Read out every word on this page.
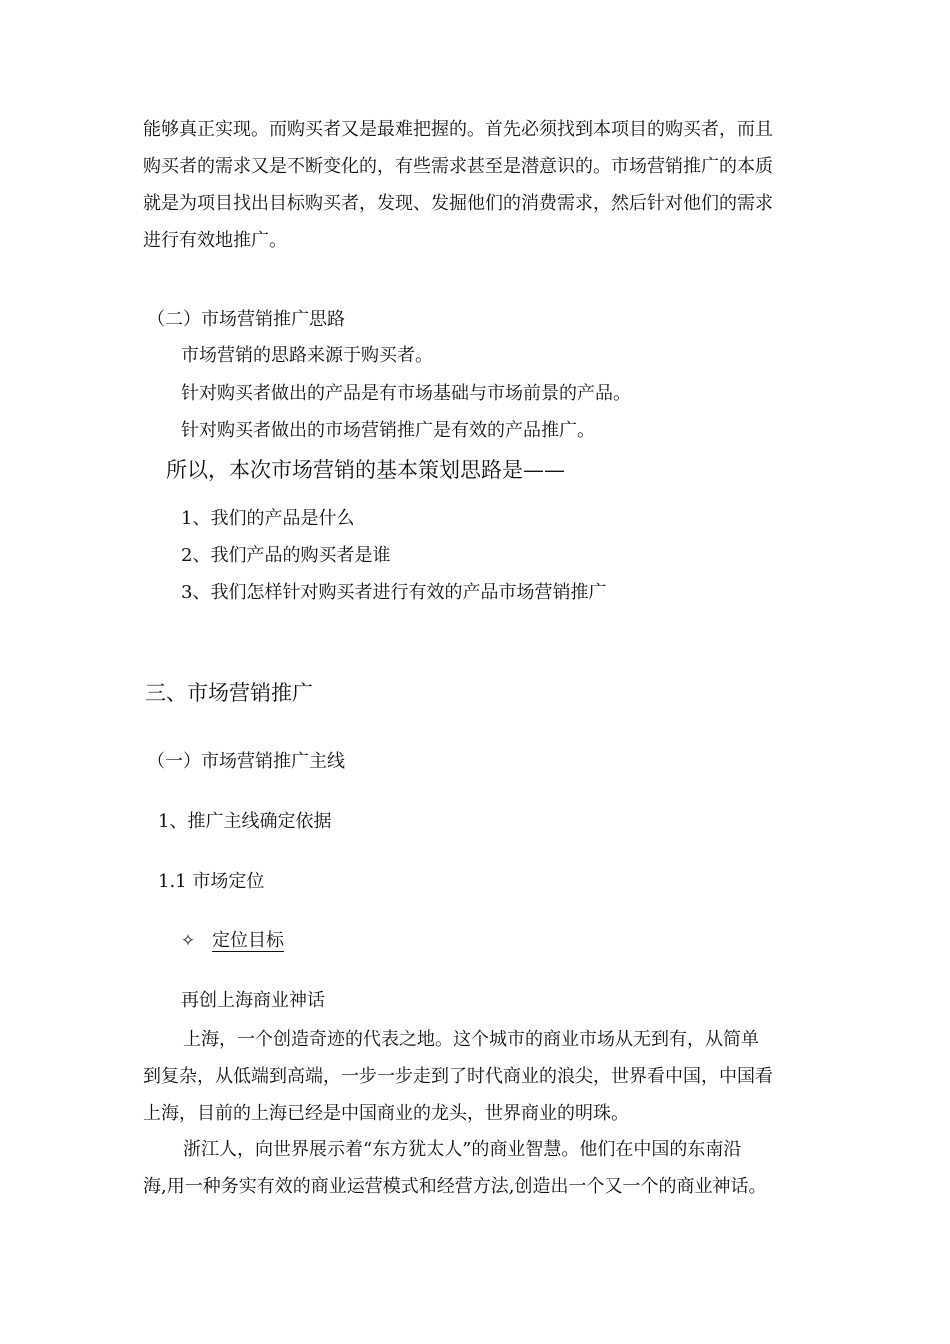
能够真正实现。而购买者又是最难把握的。首先必须找到本项目的购买者，而且
购买者的需求又是不断变化的，有些需求甚至是潜意识的。市场营销推广的本质
就是为项目找出目标购买者，发现、发掘他们的消费需求，然后针对他们的需求
进行有效地推广。
（二）市场营销推广思路
市场营销的思路来源于购买者。
针对购买者做出的产品是有市场基础与市场前景的产品。
针对购买者做出的市场营销推广是有效的产品推广。
所以，本次市场营销的基本策划思路是——
1、我们的产品是什么
2、我们产品的购买者是谁
3、我们怎样针对购买者进行有效的产品市场营销推广
三、市场营销推广
（一）市场营销推广主线
1、推广主线确定依据
1.1 市场定位
✧ 定位目标
再创上海商业神话
上海，一个创造奇迹的代表之地。这个城市的商业市场从无到有，从简单
到复杂，从低端到高端，一步一步走到了时代商业的浪尖，世界看中国，中国看
上海，目前的上海已经是中国商业的龙头，世界商业的明珠。
浙江人，向世界展示着“东方犹太人”的商业智慧。他们在中国的东南沿
海,用一种务实有效的商业运营模式和经营方法,创造出一个又一个的商业神话。
